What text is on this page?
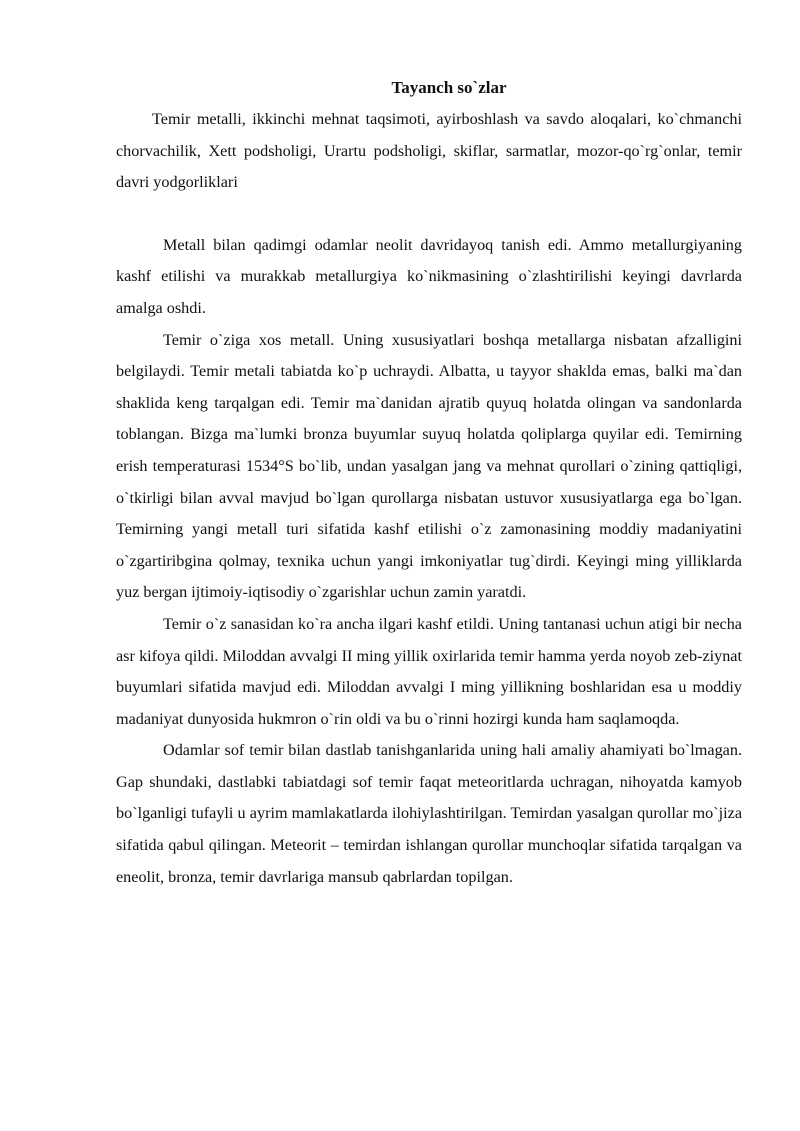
Tayanch so`zlar

Temir metalli, ikkinchi mehnat taqsimoti, ayirboshlash va savdo aloqalari, ko`chmanchi chorvachilik, Xett podsholigi, Urartu podsholigi, skiflar, sarmatlar, mozor-qo`rg`onlar, temir davri yodgorliklari

Metall bilan qadimgi odamlar neolit davridayoq tanish edi. Ammo metallurgiyaning kashf etilishi va murakkab metallurgiya ko`nikmasining o`zlashtirilishi keyingi davrlarda amalga oshdi.

Temir o`ziga xos metall. Uning xususiyatlari boshqa metallarga nisbatan afzalligini belgilaydi. Temir metali tabiatda ko`p uchraydi. Albatta, u tayyor shaklda emas, balki ma`dan shaklida keng tarqalgan edi. Temir ma`danidan ajratib quyuq holatda olingan va sandonlarda toblangan. Bizga ma`lumki bronza buyumlar suyuq holatda qoliplarga quyilar edi. Temirning erish temperaturasi 1534°S bo`lib, undan yasalgan jang va mehnat qurollari o`zining qattiqligi, o`tkirligi bilan avval mavjud bo`lgan qurollarga nisbatan ustuvor xususiyatlarga ega bo`lgan. Temirning yangi metall turi sifatida kashf etilishi o`z zamonasining moddiy madaniyatini o`zgartiribgina qolmay, texnika uchun yangi imkoniyatlar tug`dirdi. Keyingi ming yilliklarda yuz bergan ijtimoiy-iqtisodiy o`zgarishlar uchun zamin yaratdi.

Temir o`z sanasidan ko`ra ancha ilgari kashf etildi. Uning tantanasi uchun atigi bir necha asr kifoya qildi. Miloddan avvalgi II ming yillik oxirlarida temir hamma yerda noyob zeb-ziynat buyumlari sifatida mavjud edi. Miloddan avvalgi I ming yillikning boshlaridan esa u moddiy madaniyat dunyosida hukmron o`rin oldi va bu o`rinni hozirgi kunda ham saqlamoqda.

Odamlar sof temir bilan dastlab tanishganlarida uning hali amaliy ahamiyati bo`lmagan. Gap shundaki, dastlabki tabiatdagi sof temir faqat meteoritlarda uchragan, nihoyatda kamyob bo`lganligi tufayli u ayrim mamlakatlarda ilohiylashtirilgan. Temirdan yasalgan qurollar mo`jiza sifatida qabul qilingan. Meteorit – temirdan ishlangan qurollar munchoqlar sifatida tarqalgan va eneolit, bronza, temir davrlariga mansub qabrlardan topilgan.
